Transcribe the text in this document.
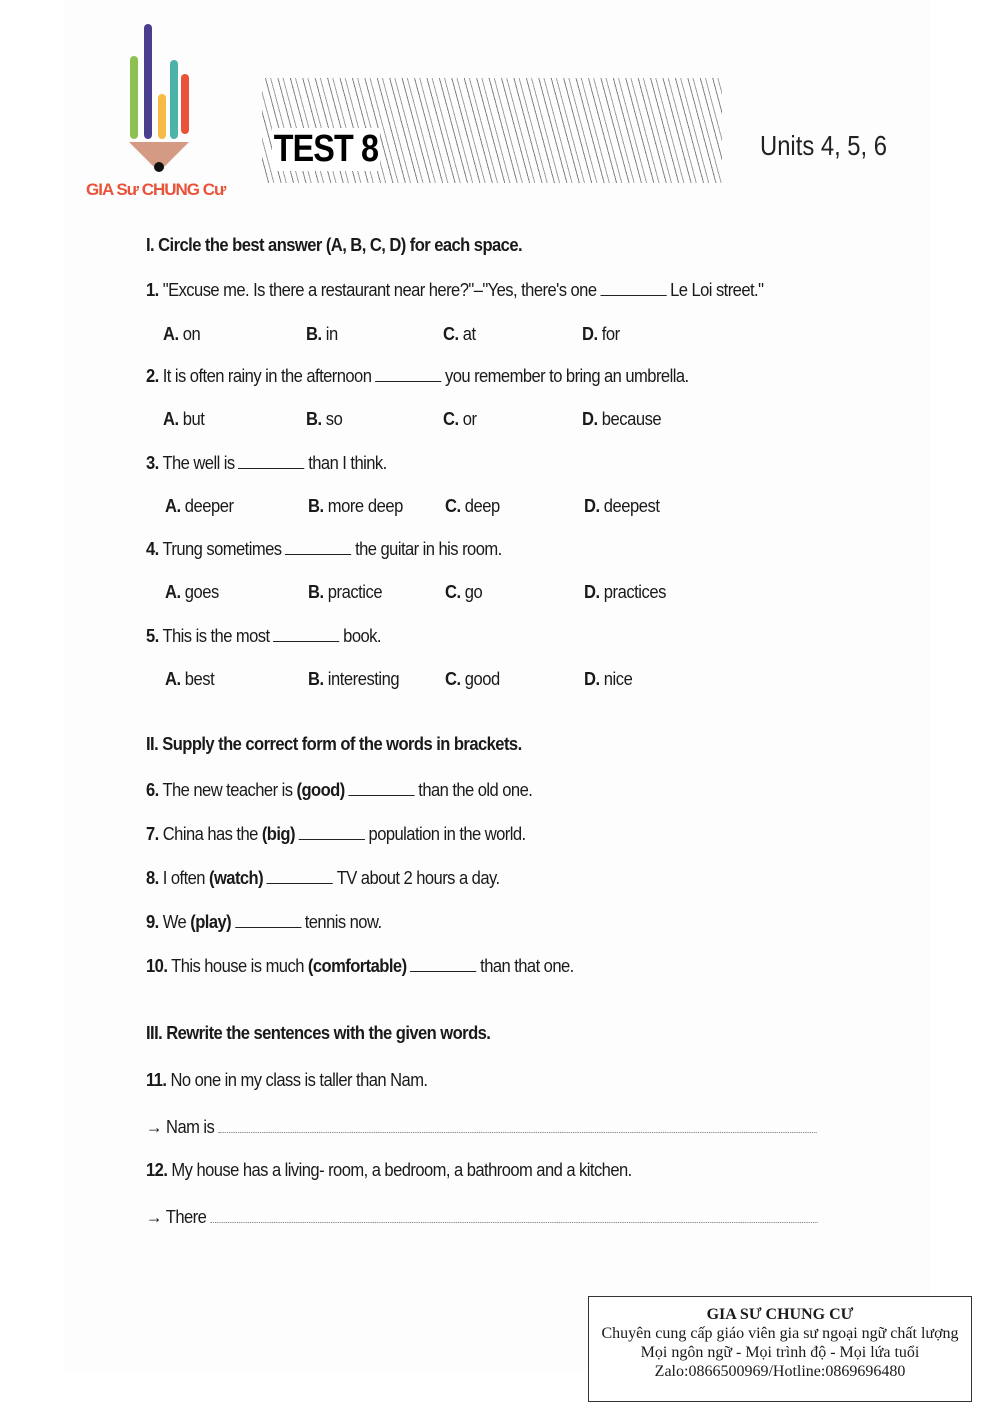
GIA Sư CHUNG Cư
TEST 8	Units 4, 5, 6
I. Circle the best answer (A, B, C, D) for each space.
II. Supply the correct form of the words in brackets.
III. Rewrite the sentences with the given words.
GIA SƯ CHUNG CƯ
Chuyên cung cấp giáo viên gia sư ngoại ngữ chất lượng
Mọi ngôn ngữ - Mọi trình độ - Mọi lứa tuổi
Zalo:0866500969/Hotline:0869696480
1. "Excuse me. Is there a restaurant near here?"–"Yes, there's one	Le Loi street."
A. on	B. in	C. at	D. for
2. It is often rainy in the afternoon	you remember to bring an umbrella.
A. but	B. so	C. or	D. because
3. The well is	than I think.
A. deeper	B. more deep C. deep	D. deepest
4. Trung sometimes	the guitar in his room.
A. goes	B. practice	C. go	D. practices
5. This is the most	book.
A. best	B. interesting	C. good	D. nice
6. The new teacher is (good)	than the old one.
7. China has the (big)	population in the world.
8. I often (watch)	TV about 2 hours a day.
9. We (play)	tennis now.
10. This house is much (comfortable)	than that one.
11. No one in my class is taller than Nam.
→ Nam is
12. My house has a living- room, a bedroom, a bathroom and a kitchen.
→ There
